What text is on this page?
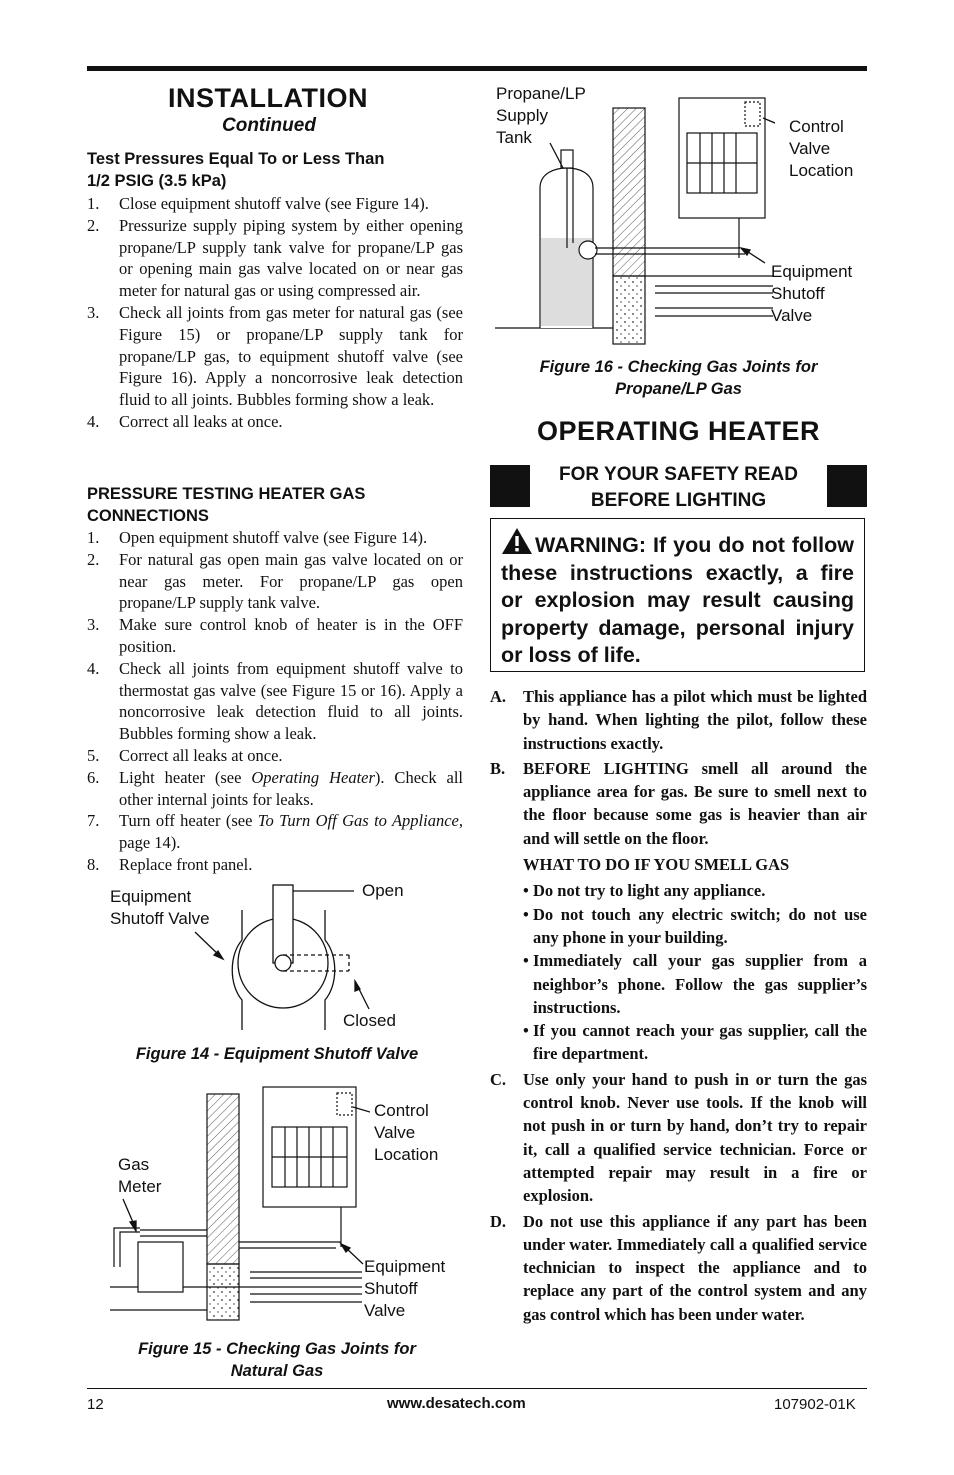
INSTALLATION
Continued
Test Pressures Equal To or Less Than
1/2 PSIG (3.5 kPa)
1. Close equipment shutoff valve (see Figure 14).
2. Pressurize supply piping system by either opening propane/LP supply tank valve for propane/LP gas or opening main gas valve located on or near gas meter for natural gas or using compressed air.
3. Check all joints from gas meter for natural gas (see Figure 15) or propane/LP supply tank for propane/LP gas, to equipment shutoff valve (see Figure 16). Apply a noncorrosive leak detection fluid to all joints. Bubbles forming show a leak.
4. Correct all leaks at once.
PRESSURE TESTING HEATER GAS
CONNECTIONS
1. Open equipment shutoff valve (see Figure 14).
2. For natural gas open main gas valve located on or near gas meter. For propane/LP gas open propane/LP supply tank valve.
3. Make sure control knob of heater is in the OFF position.
4. Check all joints from equipment shutoff valve to thermostat gas valve (see Figure 15 or 16). Apply a noncorrosive leak detection fluid to all joints. Bubbles forming show a leak.
5. Correct all leaks at once.
6. Light heater (see Operating Heater). Check all other internal joints for leaks.
7. Turn off heater (see To Turn Off Gas to Appliance, page 14).
8. Replace front panel.
Equipment
Shutoff Valve
Open
Closed
Figure 14 - Equipment Shutoff Valve
Control
Valve
Location
Gas
Meter
Equipment
Shutoff
Valve
Figure 15 - Checking Gas Joints for
Natural Gas
Propane/LP
Supply
Tank
Control
Valve
Location
Equipment
Shutoff
Valve
Figure 16 - Checking Gas Joints for
Propane/LP Gas
OPERATING HEATER
FOR YOUR SAFETY READ
BEFORE LIGHTING
WARNING: If you do not follow these instructions exactly, a fire or explosion may result causing property damage, personal injury or loss of life.
A. This appliance has a pilot which must be lighted by hand. When lighting the pilot, follow these instructions exactly.
B. BEFORE LIGHTING smell all around the appliance area for gas. Be sure to smell next to the floor because some gas is heavier than air and will settle on the floor.
WHAT TO DO IF YOU SMELL GAS
• Do not try to light any appliance.
• Do not touch any electric switch; do not use any phone in your building.
• Immediately call your gas supplier from a neighbor’s phone. Follow the gas supplier’s instructions.
• If you cannot reach your gas supplier, call the fire department.
C. Use only your hand to push in or turn the gas control knob. Never use tools. If the knob will not push in or turn by hand, don’t try to repair it, call a qualified service technician. Force or attempted repair may result in a fire or explosion.
D. Do not use this appliance if any part has been under water. Immediately call a qualified service technician to inspect the appliance and to replace any part of the control system and any gas control which has been under water.
12	www.desatech.com	107902-01K
